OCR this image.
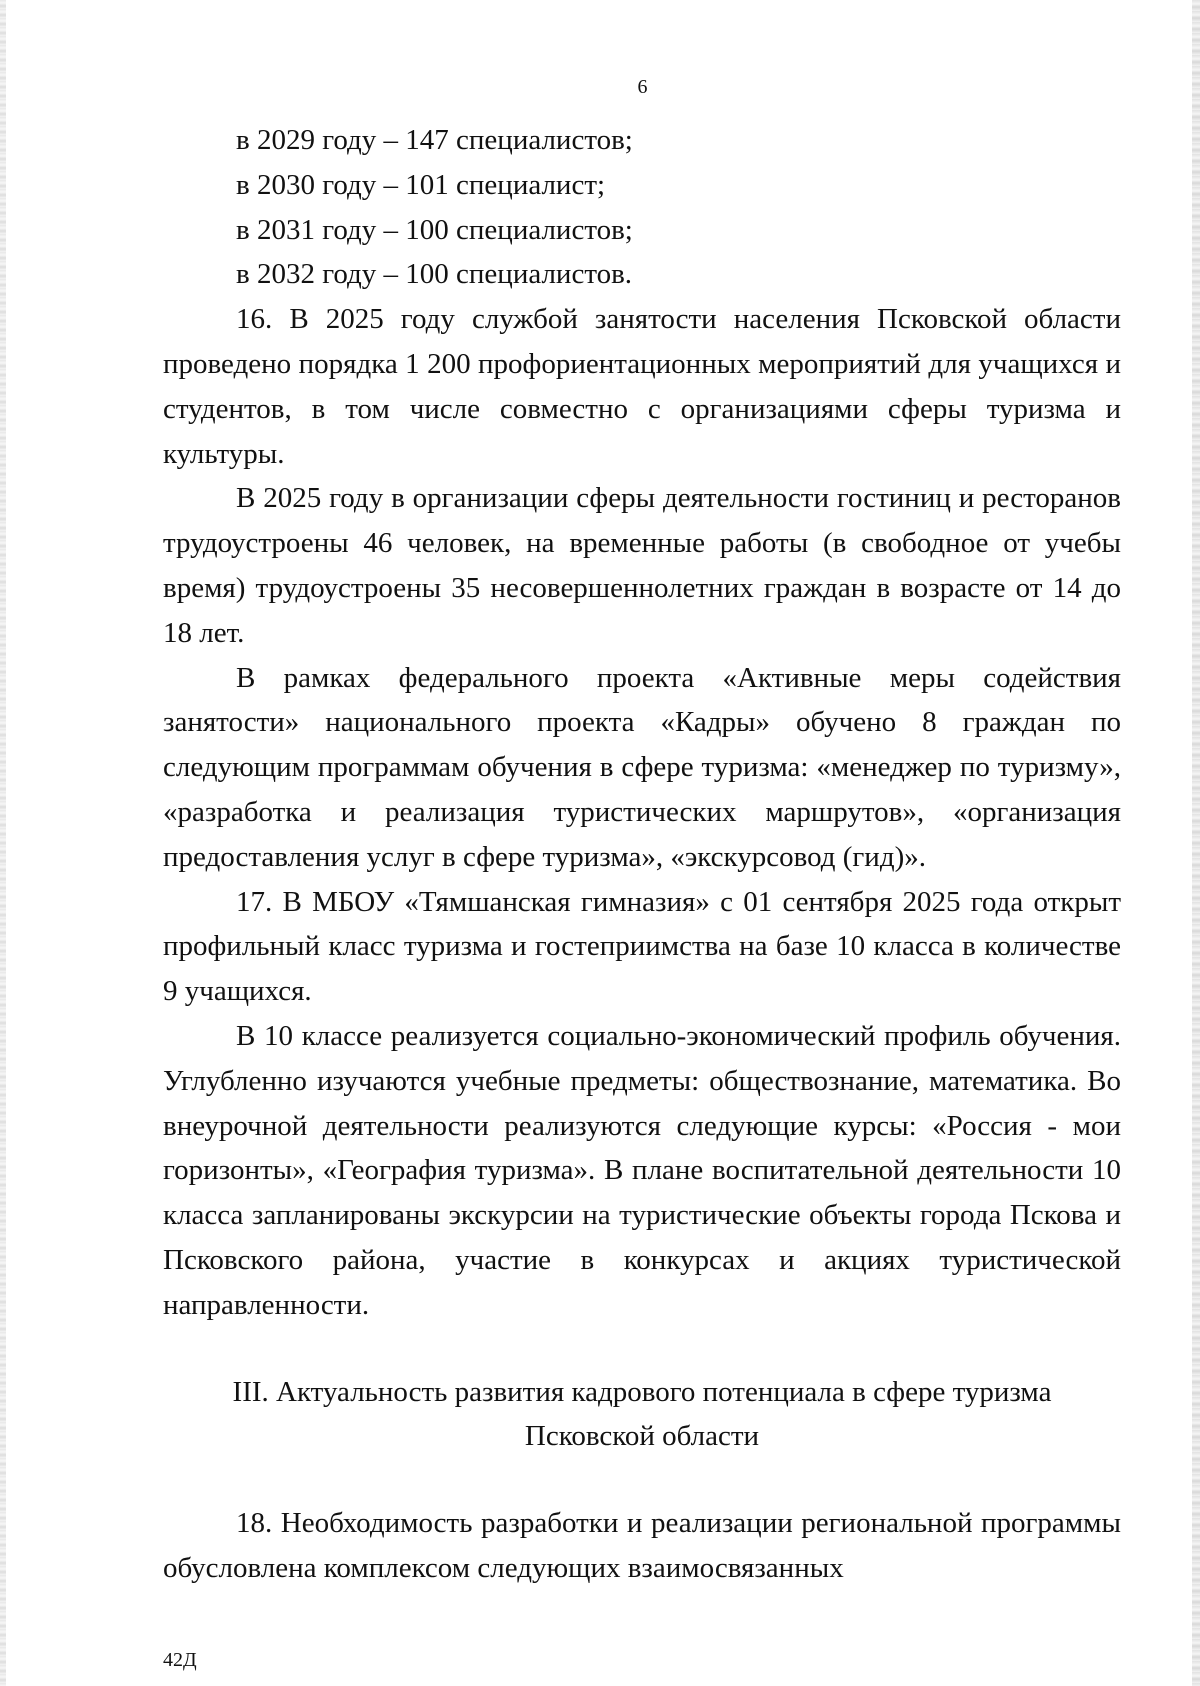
6

в 2029 году – 147 специалистов;

в 2030 году – 101 специалист;

в 2031 году – 100 специалистов;

в 2032 году – 100 специалистов.

16. В 2025 году службой занятости населения Псковской области проведено порядка 1 200 профориентационных мероприятий для учащихся и студентов, в том числе совместно с организациями сферы туризма и культуры.

В 2025 году в организации сферы деятельности гостиниц и ресторанов трудоустроены 46 человек, на временные работы (в свободное от учебы время) трудоустроены 35 несовершеннолетних граждан в возрасте от 14 до 18 лет.

В рамках федерального проекта «Активные меры содействия занятости» национального проекта «Кадры» обучено 8 граждан по следующим программам обучения в сфере туризма: «менеджер по туризму», «разработка и реализация туристических маршрутов», «организация предоставления услуг в сфере туризма», «экскурсовод (гид)».

17. В МБОУ «Тямшанская гимназия» с 01 сентября 2025 года открыт профильный класс туризма и гостеприимства на базе 10 класса в количестве 9 учащихся.

В 10 классе реализуется социально-экономический профиль обучения. Углубленно изучаются учебные предметы: обществознание, математика. Во внеурочной деятельности реализуются следующие курсы: «Россия - мои горизонты», «География туризма». В плане воспитательной деятельности 10 класса запланированы экскурсии на туристические объекты города Пскова и Псковского района, участие в конкурсах и акциях туристической направленности.

III. Актуальность развития кадрового потенциала в сфере туризма

Псковской области

18. Необходимость разработки и реализации региональной программы обусловлена комплексом следующих взаимосвязанных

42Д
